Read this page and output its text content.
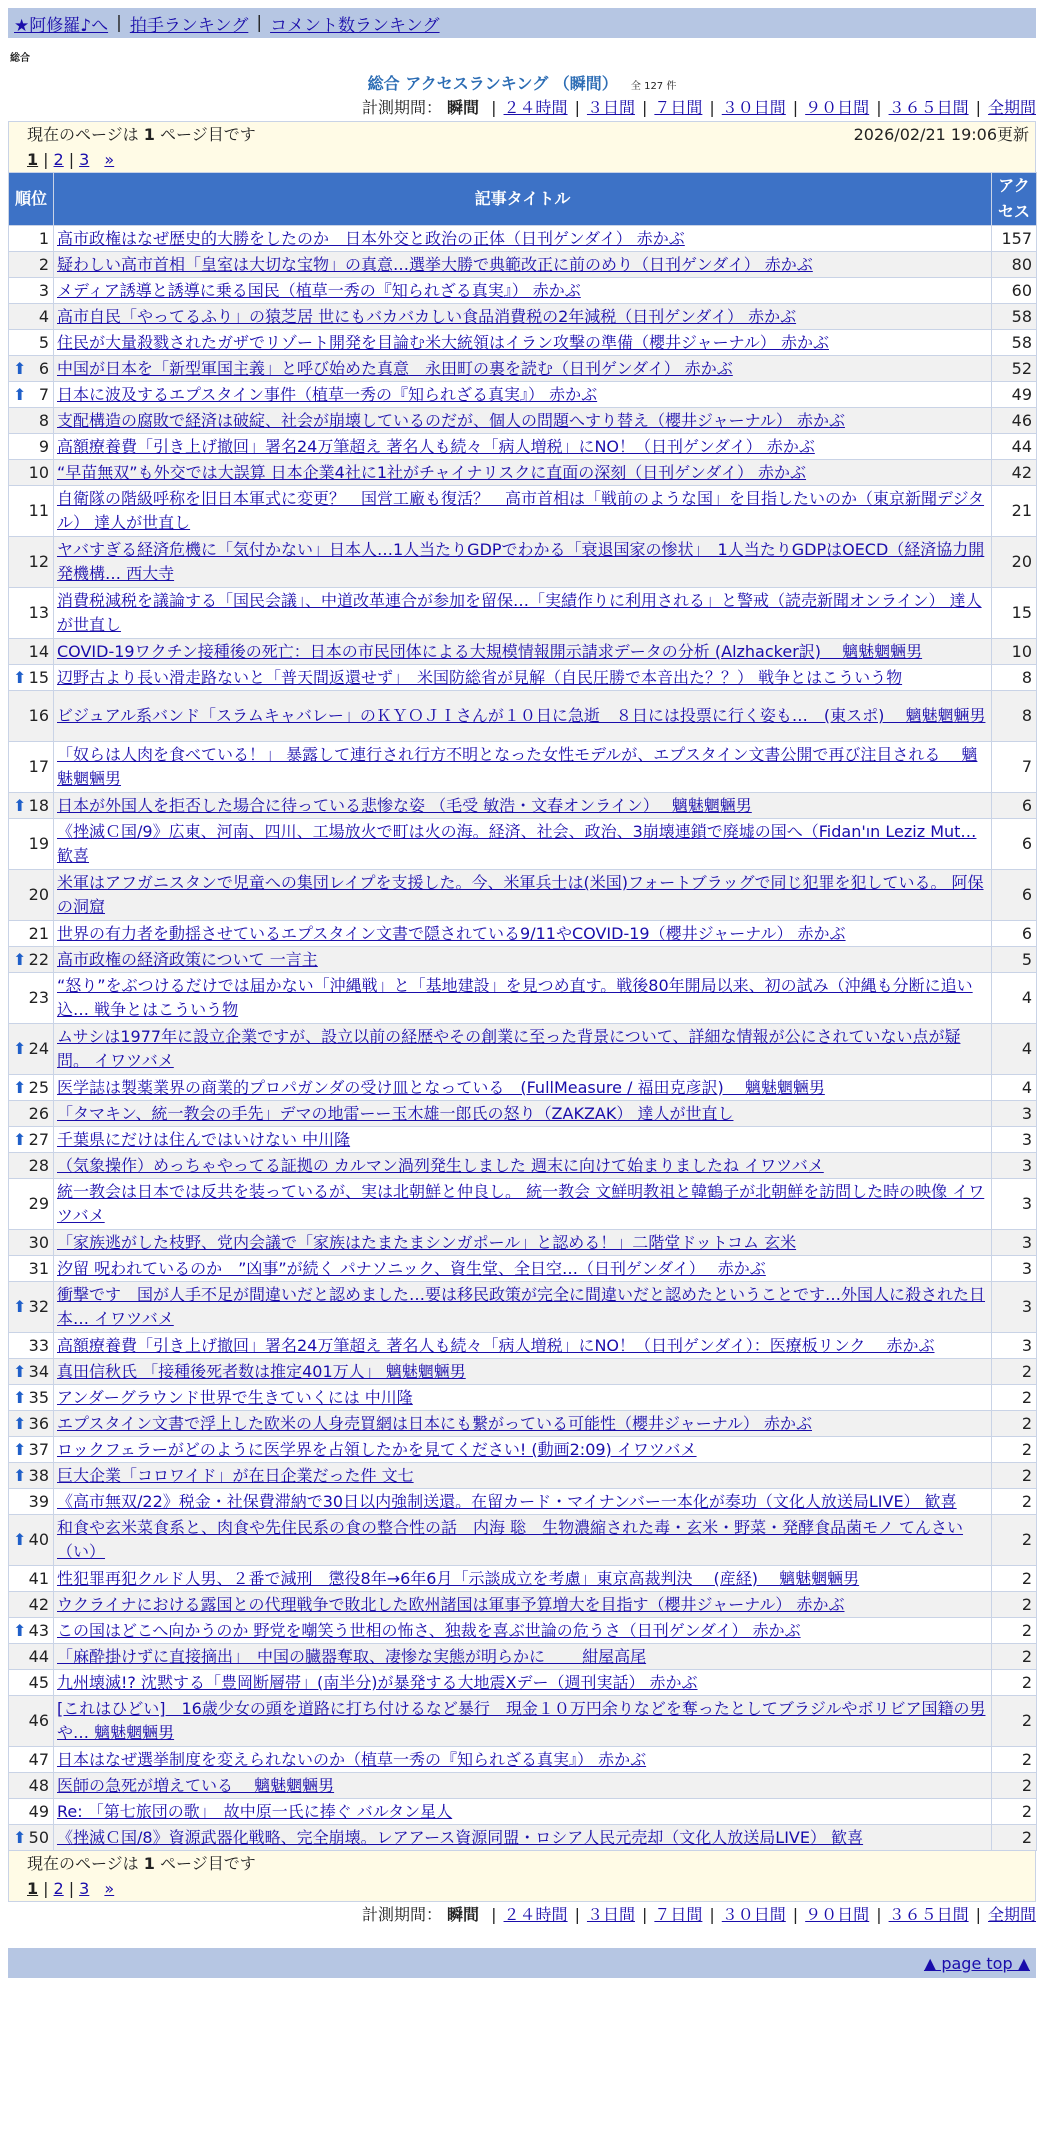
★阿修羅♪へ | 拍手ランキング | コメント数ランキング
総合
総合 アクセスランキング （瞬間） 全 127 件
計測期間： 瞬間 | ２４時間 | ３日間 | ７日間 | ３０日間 | ９０日間 | ３６５日間 | 全期間
現在のページは 1 ページ目です	2026/02/21 19:06更新
1 | 2 | 3 »
順位	記事タイトル	アクセス
1	高市政権はなぜ歴史的大勝をしたのか　日本外交と政治の正体（日刊ゲンダイ） 赤かぶ	157
2	疑わしい高市首相「皇室は大切な宝物」の真意…選挙大勝で典範改正に前のめり（日刊ゲンダイ） 赤かぶ	80
3	メディア誘導と誘導に乗る国民（植草一秀の『知られざる真実』） 赤かぶ	60
4	高市自民「やってるふり」の猿芝居 世にもバカバカしい食品消費税の2年減税（日刊ゲンダイ） 赤かぶ	58
5	住民が大量殺戮されたガザでリゾート開発を目論む米大統領はイラン攻撃の準備（櫻井ジャーナル） 赤かぶ	58

⬆ 6	中国が日本を「新型軍国主義」と呼び始めた真意　永田町の裏を読む（日刊ゲンダイ） 赤かぶ	52

⬆ 7	日本に波及するエプスタイン事件（植草一秀の『知られざる真実』） 赤かぶ	49
8	支配構造の腐敗で経済は破綻、社会が崩壊しているのだが、個人の問題へすり替え（櫻井ジャーナル） 赤かぶ	46
9	高額療養費「引き上げ撤回」署名24万筆超え 著名人も続々「病人増税」にNO！（日刊ゲンダイ） 赤かぶ	44
10	“早苗無双”も外交では大誤算 日本企業4社に1社がチャイナリスクに直面の深刻（日刊ゲンダイ） 赤かぶ	42
11	自衛隊の階級呼称を旧日本軍式に変更？　国営工廠も復活？　高市首相は「戦前のような国」を目指したいのか（東京新聞デジタル） 達人が世直し	21
12	ヤバすぎる経済危機に「気付かない」日本人…1人当たりGDPでわかる「衰退国家の惨状」　1人当たりGDPはOECD（経済協力開発機構… 西大寺	20
13	消費税減税を議論する「国民会議」、中道改革連合が参加を留保…「実績作りに利用される」と警戒（読売新聞オンライン） 達人が世直し	15
14	COVID-19ワクチン接種後の死亡：日本の市民団体による大規模情報開示請求データの分析 (Alzhacker訳)　 魑魅魍魎男	10

⬆ 15	辺野古より長い滑走路ないと「普天間返還せず」　米国防総省が見解（自民圧勝で本音出た？？） 戦争とはこういう物	8
16	ビジュアル系バンド「スラムキャバレー」のＫＹＯＪＩさんが１０日に急逝　８日には投票に行く姿も…　(東スポ)　 魑魅魍魎男	8
17	「奴らは人肉を食べている！」 暴露して連行され行方不明となった女性モデルが、エプスタイン文書公開で再び注目される　 魑魅魍魎男	7

⬆ 18	日本が外国人を拒否した場合に待っている悲惨な姿 （毛受 敏浩・文春オンライン）　 魑魅魍魎男	6
19	《挫滅Ｃ国/9》広東、河南、四川、工場放火で町は火の海。経済、社会、政治、3崩壊連鎖で廃墟の国へ（Fidan'ın Leziz Mut… 歓喜	6
20	米軍はアフガニスタンで児童への集団レイプを支援した。今、米軍兵士は(米国)フォートブラッグで同じ犯罪を犯している。 阿保の洞窟	6
21	世界の有力者を動揺させているエプスタイン文書で隠されている9/11やCOVID-19（櫻井ジャーナル） 赤かぶ	6

⬆ 22	高市政権の経済政策について 一言主	5
23	“怒り”をぶつけるだけでは届かない「沖縄戦」と「基地建設」を見つめ直す。戦後80年開局以来、初の試み（沖縄も分断に追い込… 戦争とはこういう物	4

⬆ 24	ムサシは1977年に設立企業ですが、設立以前の経歴やその創業に至った背景について、詳細な情報が公にされていない点が疑問。 イワツバメ	4

⬆ 25	医学誌は製薬業界の商業的プロパガンダの受け皿となっている　(FullMeasure / 福田克彦訳)　 魑魅魍魎男	4
26	「タマキン、統一教会の手先」デマの地雷ーー玉木雄一郎氏の怒り（ZAKZAK） 達人が世直し	3

⬆ 27	千葉県にだけは住んではいけない 中川隆	3
28	（気象操作）めっちゃやってる証拠の カルマン渦列発生しました 週末に向けて始まりましたね イワツバメ	3
29	統一教会は日本では反共を装っているが、実は北朝鮮と仲良し。 統一教会 文鮮明教祖と韓鶴子が北朝鮮を訪問した時の映像 イワツバメ	3
30	「家族逃がした枝野、党内会議で「家族はたまたまシンガポール」と認める！」二階堂ドットコム 玄米	3
31	汐留 呪われているのか　”凶事”が続く パナソニック、資生堂、全日空…（日刊ゲンダイ）　 赤かぶ	3

⬆ 32	衝撃です　国が人手不足が間違いだと認めました…要は移民政策が完全に間違いだと認めたということです…外国人に殺された日本… イワツバメ	3
33	高額療養費「引き上げ撤回」署名24万筆超え 著名人も続々「病人増税」にNO！（日刊ゲンダイ）：医療板リンク　 赤かぶ	3

⬆ 34	真田信秋氏 「接種後死者数は推定401万人」 魑魅魍魎男	2

⬆ 35	アンダーグラウンド世界で生きていくには 中川隆	2

⬆ 36	エプスタイン文書で浮上した欧米の人身売買網は日本にも繋がっている可能性（櫻井ジャーナル） 赤かぶ	2

⬆ 37	ロックフェラーがどのように医学界を占領したかを見てください! (動画2:09) イワツバメ	2

⬆ 38	巨大企業「コロワイド」が在日企業だった件 文七	2
39	《高市無双/22》税金・社保費滞納で30日以内強制送還。在留カード・マイナンバー一本化が奏功（文化人放送局LIVE） 歓喜	2

⬆ 40	和食や玄米菜食系と、肉食や先住民系の食の整合性の話　内海 聡　生物濃縮された毒・玄米・野菜・発酵食品菌モノ てんさい（い）	2
41	性犯罪再犯クルド人男、２番で減刑　懲役8年→6年6月「示談成立を考慮」東京高裁判決　 (産経)　 魑魅魍魎男	2
42	ウクライナにおける露国との代理戦争で敗北した欧州諸国は軍事予算増大を目指す（櫻井ジャーナル） 赤かぶ	2

⬆ 43	この国はどこへ向かうのか 野党を嘲笑う世相の怖さ、独裁を喜ぶ世論の危うさ（日刊ゲンダイ） 赤かぶ	2
44	「麻酔掛けずに直接摘出」　中国の臓器奪取、凄惨な実態が明らかに　　 紺屋高尾	2
45	九州壊滅!? 沈黙する「豊岡断層帯」(南半分)が暴発する大地震Xデー（週刊実話） 赤かぶ	2
46	[これはひどい]　16歳少女の頭を道路に打ち付けるなど暴行　現金１０万円余りなどを奪ったとしてブラジルやボリビア国籍の男や… 魑魅魍魎男	2
47	日本はなぜ選挙制度を変えられないのか（植草一秀の『知られざる真実』） 赤かぶ	2
48	医師の急死が増えている　 魑魅魍魎男	2
49	Re: 「第七旅団の歌」　故中原一氏に捧ぐ バルタン星人	2

⬆ 50	《挫滅Ｃ国/8》資源武器化戦略、完全崩壊。レアアース資源同盟・ロシア人民元売却（文化人放送局LIVE） 歓喜	2
現在のページは 1 ページ目です
1 | 2 | 3 »
計測期間： 瞬間 | ２４時間 | ３日間 | ７日間 | ３０日間 | ９０日間 | ３６５日間 | 全期間
▲ page top ▲
